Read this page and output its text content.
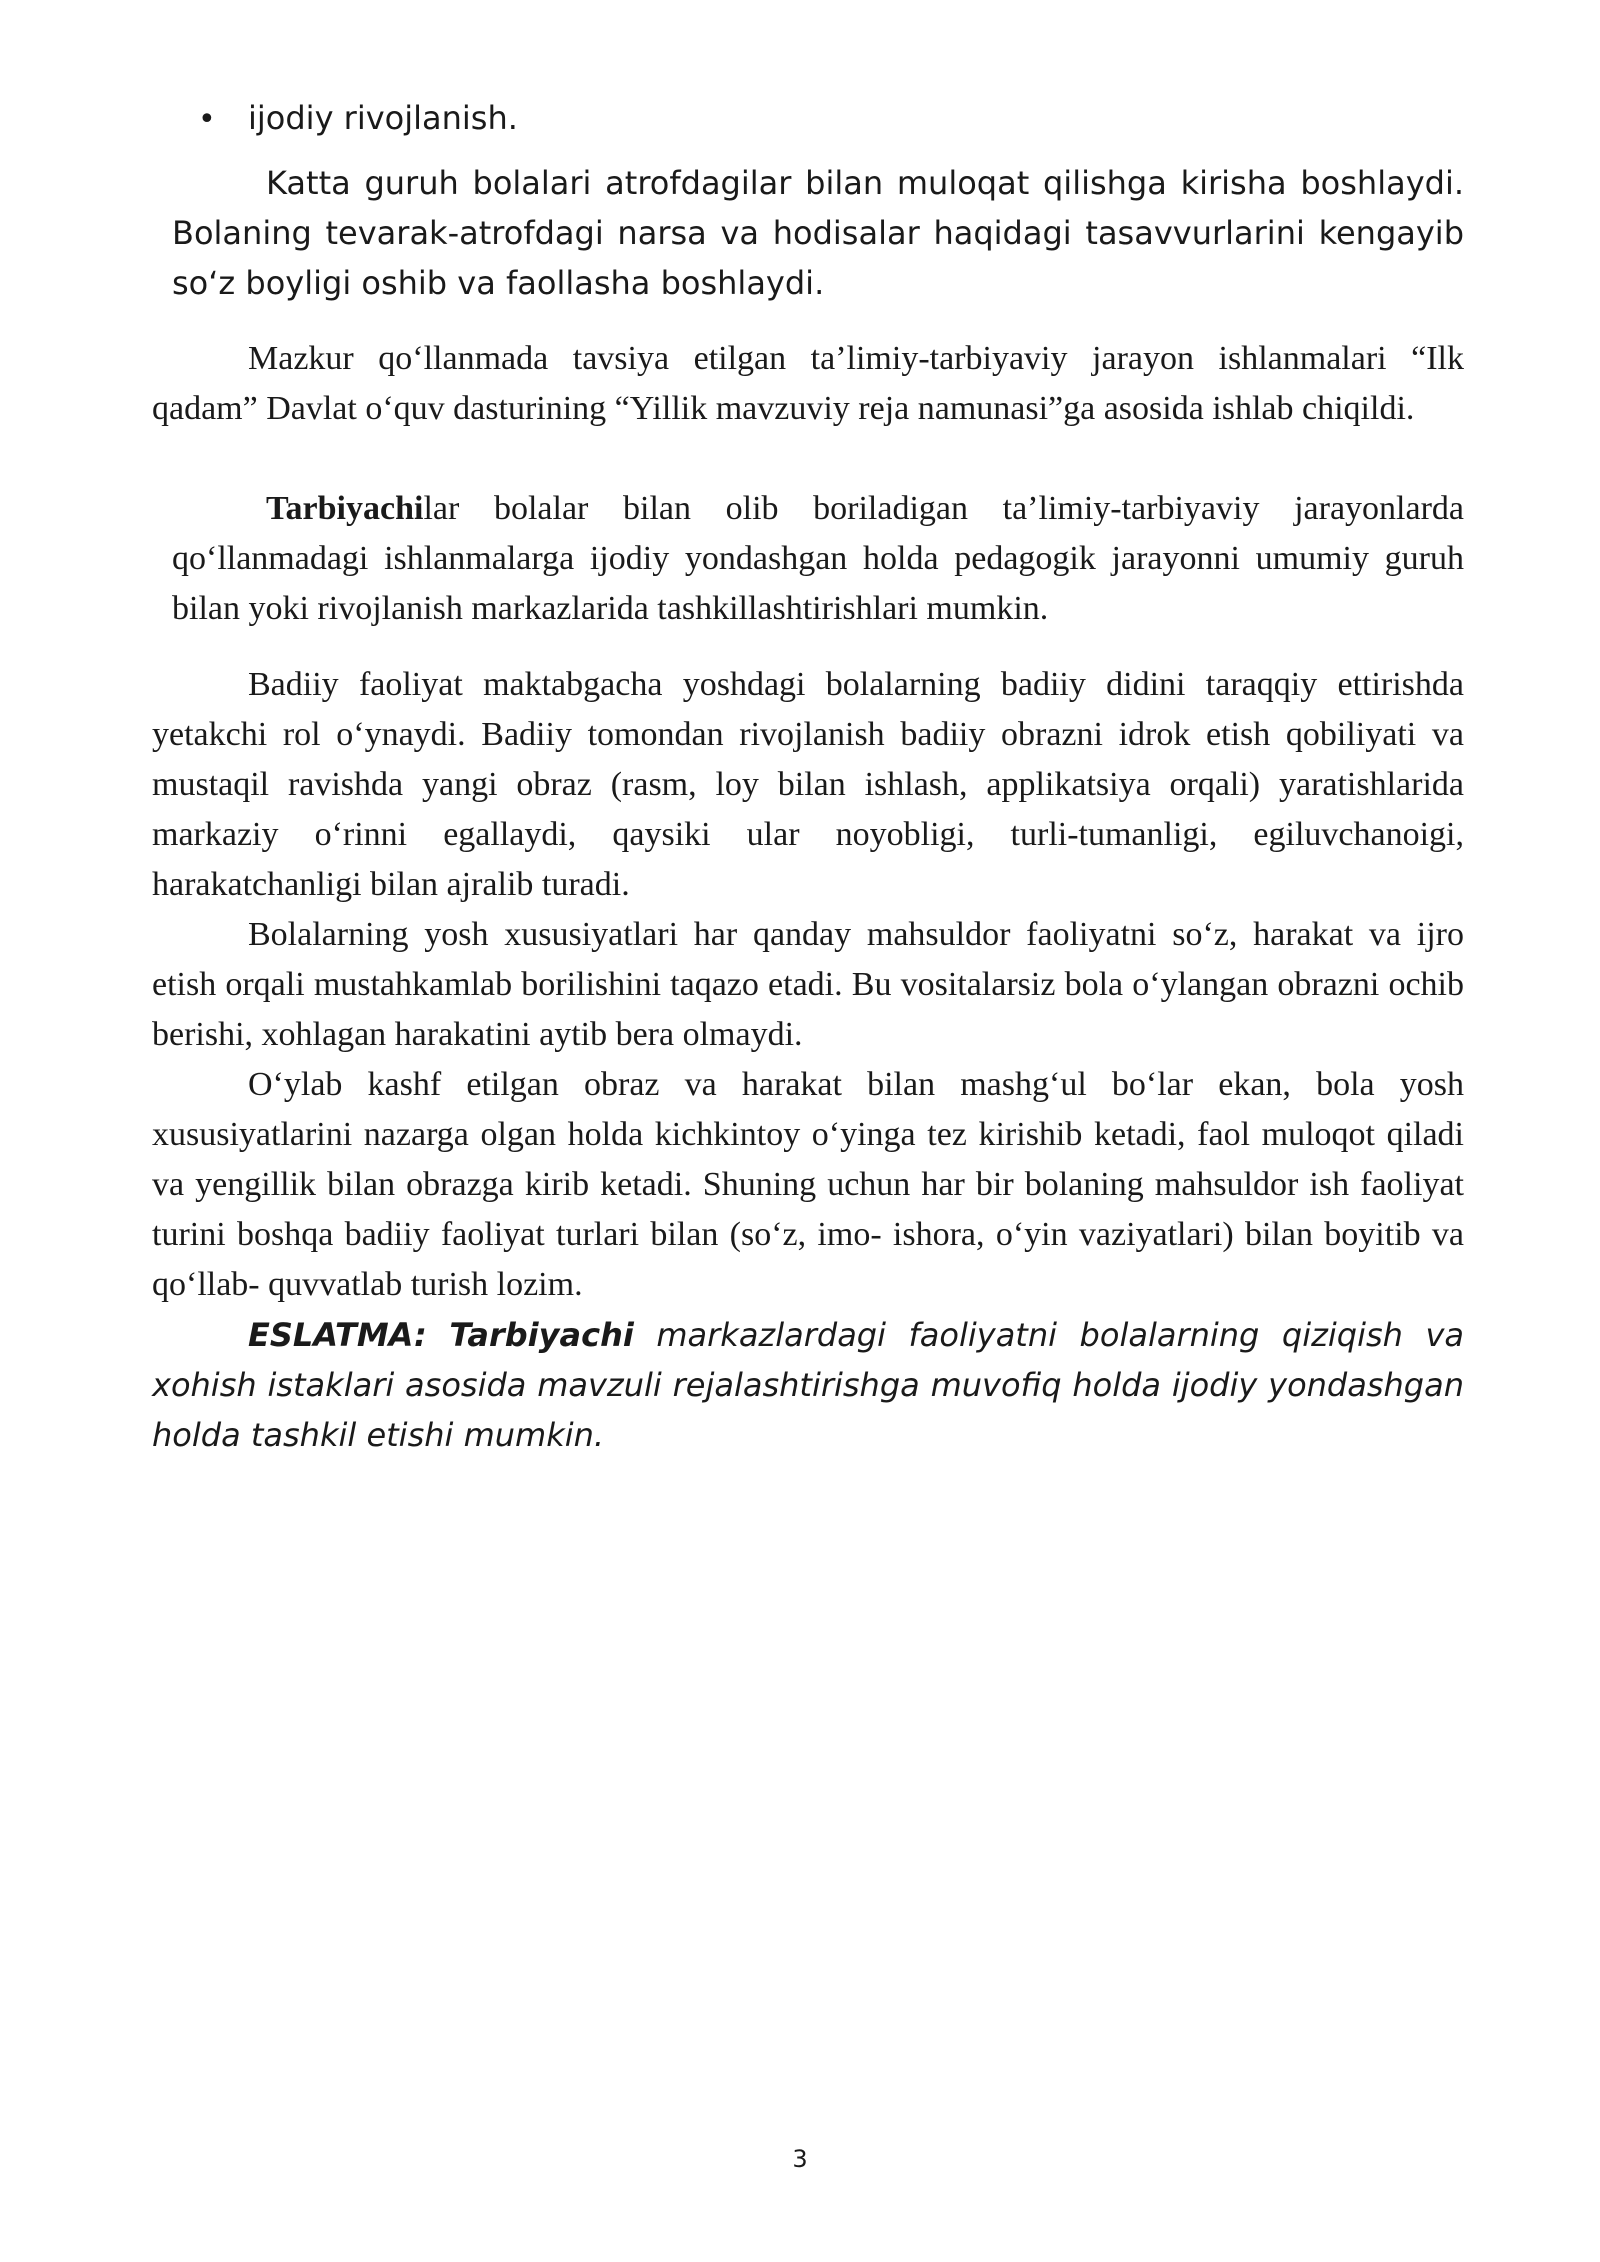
• ijodiy rivojlanish.

Katta guruh bolalari atrofdagilar bilan muloqat qilishga kirisha boshlaydi. Bolaning tevarak-atrofdagi narsa va hodisalar haqidagi tasavvurlarini kengayib so‘z boyligi oshib va faollasha boshlaydi.

Mazkur qo‘llanmada tavsiya etilgan ta’limiy-tarbiyaviy jarayon ishlanmalari “Ilk qadam” Davlat o‘quv dasturining “Yillik mavzuviy reja namunasi”ga asosida ishlab chiqildi.

Tarbiyachilar bolalar bilan olib boriladigan ta’limiy-tarbiyaviy jarayonlarda qo‘llanmadagi ishlanmalarga ijodiy yondashgan holda pedagogik jarayonni umumiy guruh bilan yoki rivojlanish markazlarida tashkillashtirishlari mumkin.

Badiiy faoliyat maktabgacha yoshdagi bolalarning badiiy didini taraqqiy ettirishda yetakchi rol o‘ynaydi. Badiiy tomondan rivojlanish badiiy obrazni idrok etish qobiliyati va mustaqil ravishda yangi obraz (rasm, loy bilan ishlash, applikatsiya orqali) yaratishlarida markaziy o‘rinni egallaydi, qaysiki ular noyobligi, turli-tumanligi, egiluvchanoigi, harakatchanligi bilan ajralib turadi.

Bolalarning yosh xususiyatlari har qanday mahsuldor faoliyatni so‘z, harakat va ijro etish orqali mustahkamlab borilishini taqazo etadi. Bu vositalarsiz bola o‘ylangan obrazni ochib berishi, xohlagan harakatini aytib bera olmaydi.

O‘ylab kashf etilgan obraz va harakat bilan mashg‘ul bo‘lar ekan, bola yosh xususiyatlarini nazarga olgan holda kichkintoy o‘yinga tez kirishib ketadi, faol muloqot qiladi va yengillik bilan obrazga kirib ketadi. Shuning uchun har bir bolaning mahsuldor ish faoliyat turini boshqa badiiy faoliyat turlari bilan (so‘z, imo- ishora, o‘yin vaziyatlari) bilan boyitib va qo‘llab- quvvatlab turish lozim.

ESLATMA: Tarbiyachi markazlardagi faoliyatni bolalarning qiziqish va xohish istaklari asosida mavzuli rejalashtirishga muvofiq holda ijodiy yondashgan holda tashkil etishi mumkin.

3
